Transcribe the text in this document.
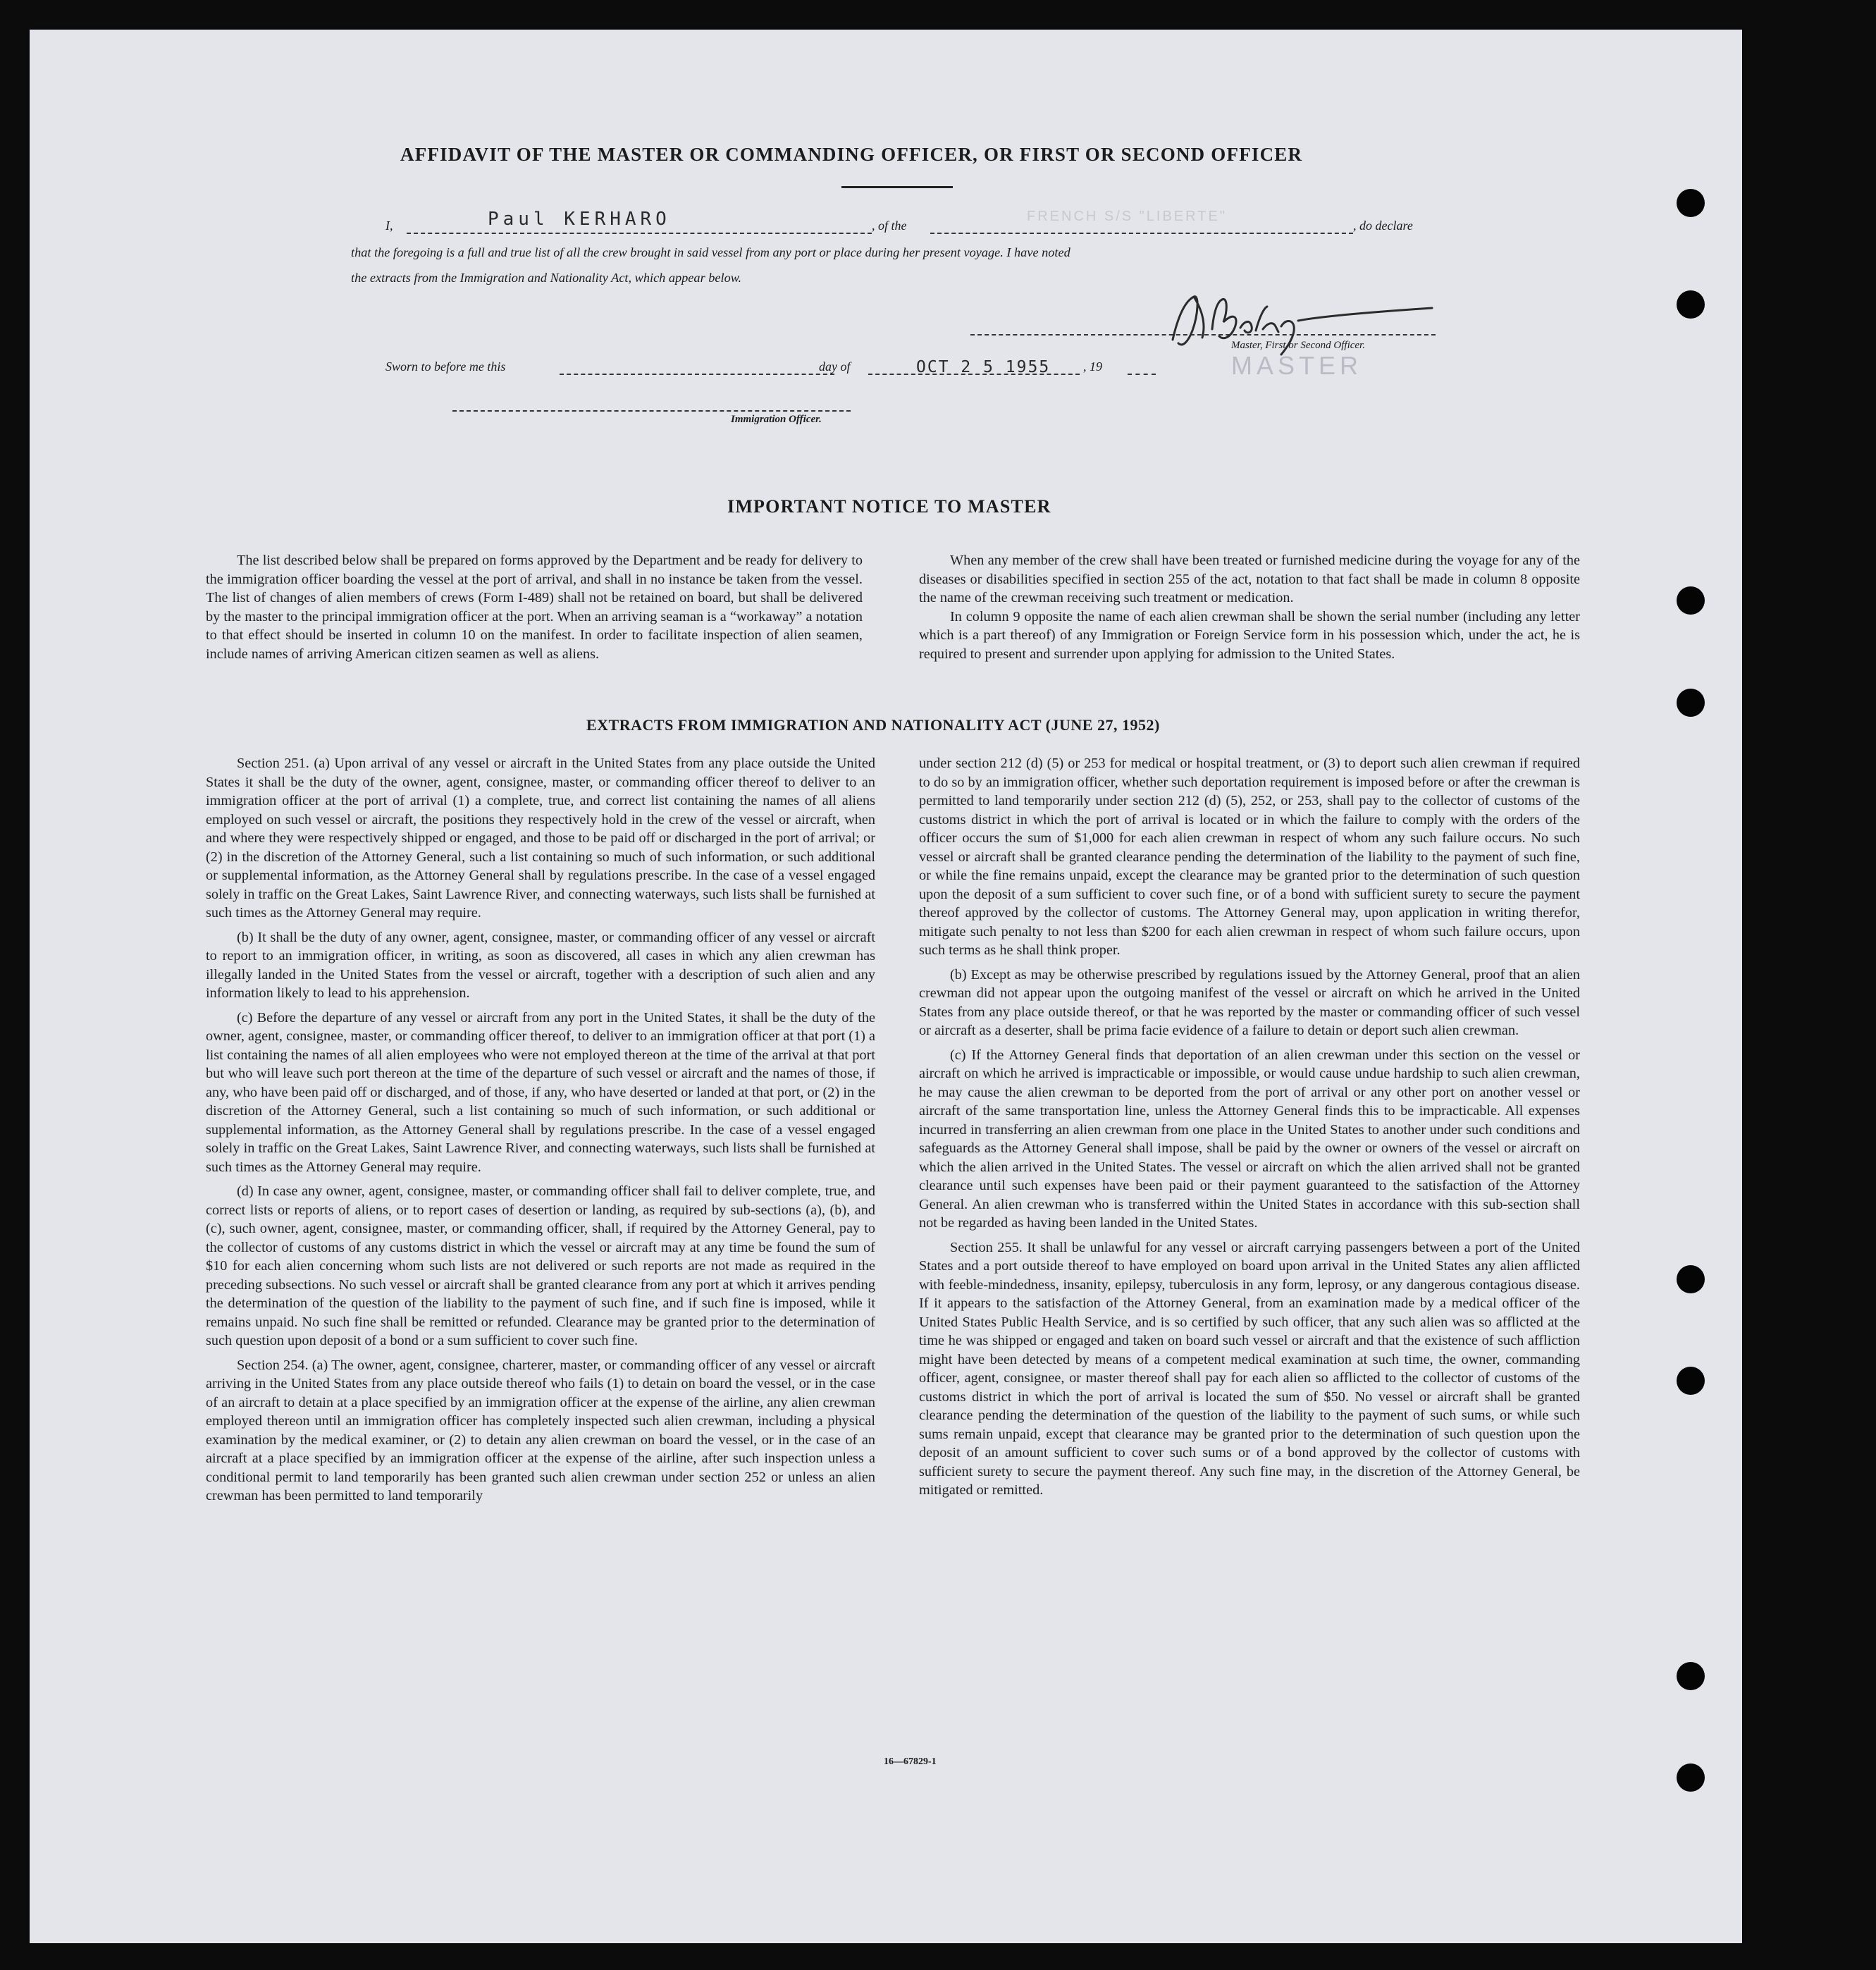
AFFIDAVIT OF THE MASTER OR COMMANDING OFFICER, OR FIRST OR SECOND OFFICER
I,	Paul KERHARO	, of the
FRENCH S/S "LIBERTE"
, do declare
that the foregoing is a full and true list of all the crew brought in said vessel from any port or place during her present voyage. I have noted
the extracts from the Immigration and Nationality Act, which appear below.
Master, First or Second Officer.
MASTER
Sworn to before me this	day of	OCT 2 5 1955	, 19
Immigration Officer.
IMPORTANT NOTICE TO MASTER

The list described below shall be prepared on forms approved by the Department and be ready for delivery to the immigration officer boarding the vessel at the port of arrival, and shall in no instance be taken from the vessel. The list of changes of alien members of crews (Form I-489) shall not be retained on board, but shall be delivered by the master to the principal immigration officer at the port. When an arriving seaman is a “workaway” a notation to that effect should be inserted in column 10 on the manifest. In order to facilitate inspection of alien seamen, include names of arriving American citizen seamen as well as aliens.

When any member of the crew shall have been treated or furnished medicine during the voyage for any of the diseases or disabilities specified in section 255 of the act, notation to that fact shall be made in column 8 opposite the name of the crewman receiving such treatment or medication.

In column 9 opposite the name of each alien crewman shall be shown the serial number (including any letter which is a part thereof) of any Immigration or Foreign Service form in his possession which, under the act, he is required to present and surrender upon applying for admission to the United States.

EXTRACTS FROM IMMIGRATION AND NATIONALITY ACT (JUNE 27, 1952)

Section 251. (a) Upon arrival of any vessel or aircraft in the United States from any place outside the United States it shall be the duty of the owner, agent, consignee, master, or commanding officer thereof to deliver to an immigration officer at the port of arrival (1) a complete, true, and correct list containing the names of all aliens employed on such vessel or aircraft, the positions they respectively hold in the crew of the vessel or aircraft, when and where they were respectively shipped or engaged, and those to be paid off or discharged in the port of arrival; or (2) in the discretion of the Attorney General, such a list containing so much of such information, or such additional or supplemental information, as the Attorney General shall by regulations prescribe. In the case of a vessel engaged solely in traffic on the Great Lakes, Saint Lawrence River, and connecting waterways, such lists shall be furnished at such times as the Attorney General may require.

(b) It shall be the duty of any owner, agent, consignee, master, or commanding officer of any vessel or aircraft to report to an immigration officer, in writing, as soon as discovered, all cases in which any alien crewman has illegally landed in the United States from the vessel or aircraft, together with a description of such alien and any information likely to lead to his apprehension.

(c) Before the departure of any vessel or aircraft from any port in the United States, it shall be the duty of the owner, agent, consignee, master, or commanding officer thereof, to deliver to an immigration officer at that port (1) a list containing the names of all alien employees who were not employed thereon at the time of the arrival at that port but who will leave such port thereon at the time of the departure of such vessel or aircraft and the names of those, if any, who have been paid off or discharged, and of those, if any, who have deserted or landed at that port, or (2) in the discretion of the Attorney General, such a list containing so much of such information, or such additional or supplemental information, as the Attorney General shall by regulations prescribe. In the case of a vessel engaged solely in traffic on the Great Lakes, Saint Lawrence River, and connecting waterways, such lists shall be furnished at such times as the Attorney General may require.

(d) In case any owner, agent, consignee, master, or commanding officer shall fail to deliver complete, true, and correct lists or reports of aliens, or to report cases of desertion or landing, as required by sub-sections (a), (b), and (c), such owner, agent, consignee, master, or commanding officer, shall, if required by the Attorney General, pay to the collector of customs of any customs district in which the vessel or aircraft may at any time be found the sum of $10 for each alien concerning whom such lists are not delivered or such reports are not made as required in the preceding subsections. No such vessel or aircraft shall be granted clearance from any port at which it arrives pending the determination of the question of the liability to the payment of such fine, and if such fine is imposed, while it remains unpaid. No such fine shall be remitted or refunded. Clearance may be granted prior to the determination of such question upon deposit of a bond or a sum sufficient to cover such fine.

Section 254. (a) The owner, agent, consignee, charterer, master, or commanding officer of any vessel or aircraft arriving in the United States from any place outside thereof who fails (1) to detain on board the vessel, or in the case of an aircraft to detain at a place specified by an immigration officer at the expense of the airline, any alien crewman employed thereon until an immigration officer has completely inspected such alien crewman, including a physical examination by the medical examiner, or (2) to detain any alien crewman on board the vessel, or in the case of an aircraft at a place specified by an immigration officer at the expense of the airline, after such inspection unless a conditional permit to land temporarily has been granted such alien crewman under section 252 or unless an alien crewman has been permitted to land temporarily

under section 212 (d) (5) or 253 for medical or hospital treatment, or (3) to deport such alien crewman if required to do so by an immigration officer, whether such deportation requirement is imposed before or after the crewman is permitted to land temporarily under section 212 (d) (5), 252, or 253, shall pay to the collector of customs of the customs district in which the port of arrival is located or in which the failure to comply with the orders of the officer occurs the sum of $1,000 for each alien crewman in respect of whom any such failure occurs. No such vessel or aircraft shall be granted clearance pending the determination of the liability to the payment of such fine, or while the fine remains unpaid, except the clearance may be granted prior to the determination of such question upon the deposit of a sum sufficient to cover such fine, or of a bond with sufficient surety to secure the payment thereof approved by the collector of customs. The Attorney General may, upon application in writing therefor, mitigate such penalty to not less than $200 for each alien crewman in respect of whom such failure occurs, upon such terms as he shall think proper.

(b) Except as may be otherwise prescribed by regulations issued by the Attorney General, proof that an alien crewman did not appear upon the outgoing manifest of the vessel or aircraft on which he arrived in the United States from any place outside thereof, or that he was reported by the master or commanding officer of such vessel or aircraft as a deserter, shall be prima facie evidence of a failure to detain or deport such alien crewman.

(c) If the Attorney General finds that deportation of an alien crewman under this section on the vessel or aircraft on which he arrived is impracticable or impossible, or would cause undue hardship to such alien crewman, he may cause the alien crewman to be deported from the port of arrival or any other port on another vessel or aircraft of the same transportation line, unless the Attorney General finds this to be impracticable. All expenses incurred in transferring an alien crewman from one place in the United States to another under such conditions and safeguards as the Attorney General shall impose, shall be paid by the owner or owners of the vessel or aircraft on which the alien arrived in the United States. The vessel or aircraft on which the alien arrived shall not be granted clearance until such expenses have been paid or their payment guaranteed to the satisfaction of the Attorney General. An alien crewman who is transferred within the United States in accordance with this sub-section shall not be regarded as having been landed in the United States.

Section 255. It shall be unlawful for any vessel or aircraft carrying passengers between a port of the United States and a port outside thereof to have employed on board upon arrival in the United States any alien afflicted with feeble-mindedness, insanity, epilepsy, tuberculosis in any form, leprosy, or any dangerous contagious disease. If it appears to the satisfaction of the Attorney General, from an examination made by a medical officer of the United States Public Health Service, and is so certified by such officer, that any such alien was so afflicted at the time he was shipped or engaged and taken on board such vessel or aircraft and that the existence of such affliction might have been detected by means of a competent medical examination at such time, the owner, commanding officer, agent, consignee, or master thereof shall pay for each alien so afflicted to the collector of customs of the customs district in which the port of arrival is located the sum of $50. No vessel or aircraft shall be granted clearance pending the determination of the question of the liability to the payment of such sums, or while such sums remain unpaid, except that clearance may be granted prior to the determination of such question upon the deposit of an amount sufficient to cover such sums or of a bond approved by the collector of customs with sufficient surety to secure the payment thereof. Any such fine may, in the discretion of the Attorney General, be mitigated or remitted.

16—67829-1
